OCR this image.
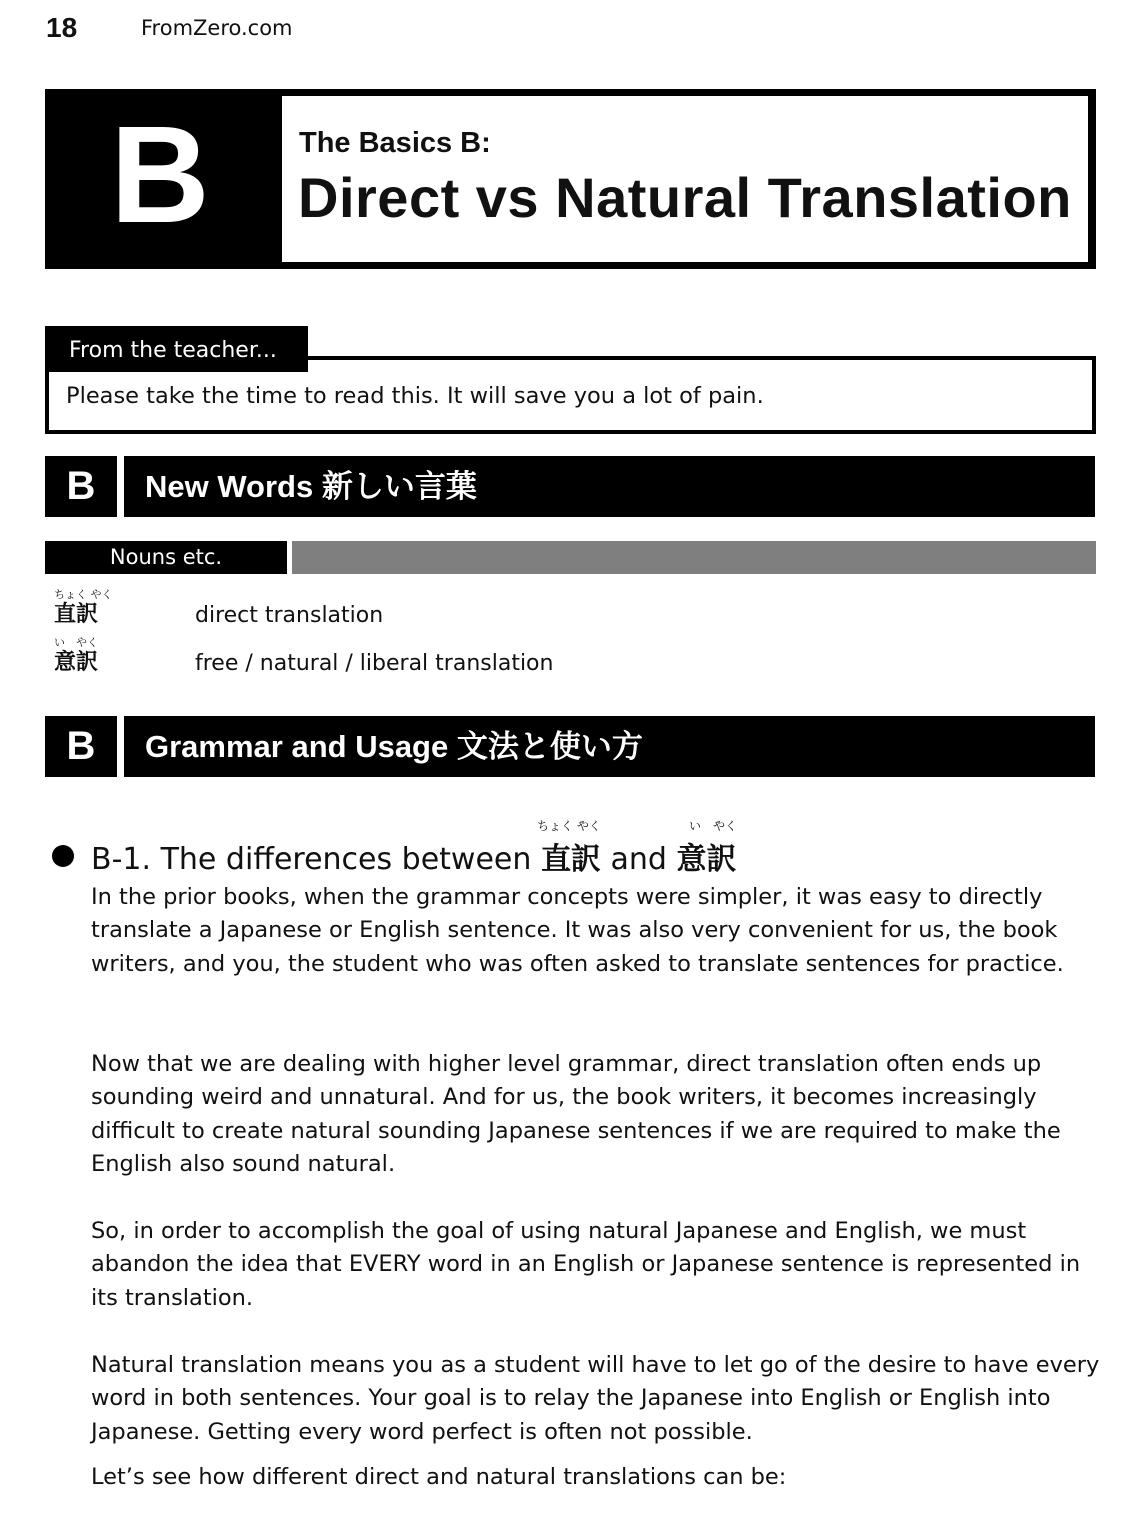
18	FromZero.com
B	The Basics B:
Direct vs Natural Translation
From the teacher...
Please take the time to read this. It will save you a lot of pain.
B	New Words 新しい言葉
Nouns etc.
ちょく やく
直訳	direct translation
い　やく
意訳	free / natural / liberal translation
B	Grammar and Usage 文法と使い方
ちょく やく	い　やく
B-1. The differences between 直訳 and 意訳
In the prior books, when the grammar concepts were simpler, it was easy to directly translate a Japanese or English sentence. It was also very convenient for us, the book writers, and you, the student who was often asked to translate sentences for practice.
Now that we are dealing with higher level grammar, direct translation often ends up sounding weird and unnatural. And for us, the book writers, it becomes increasingly difficult to create natural sounding Japanese sentences if we are required to make the English also sound natural.
So, in order to accomplish the goal of using natural Japanese and English, we must abandon the idea that EVERY word in an English or Japanese sentence is represented in its translation.
Natural translation means you as a student will have to let go of the desire to have every word in both sentences. Your goal is to relay the Japanese into English or English into Japanese. Getting every word perfect is often not possible.
Let’s see how different direct and natural translations can be:
